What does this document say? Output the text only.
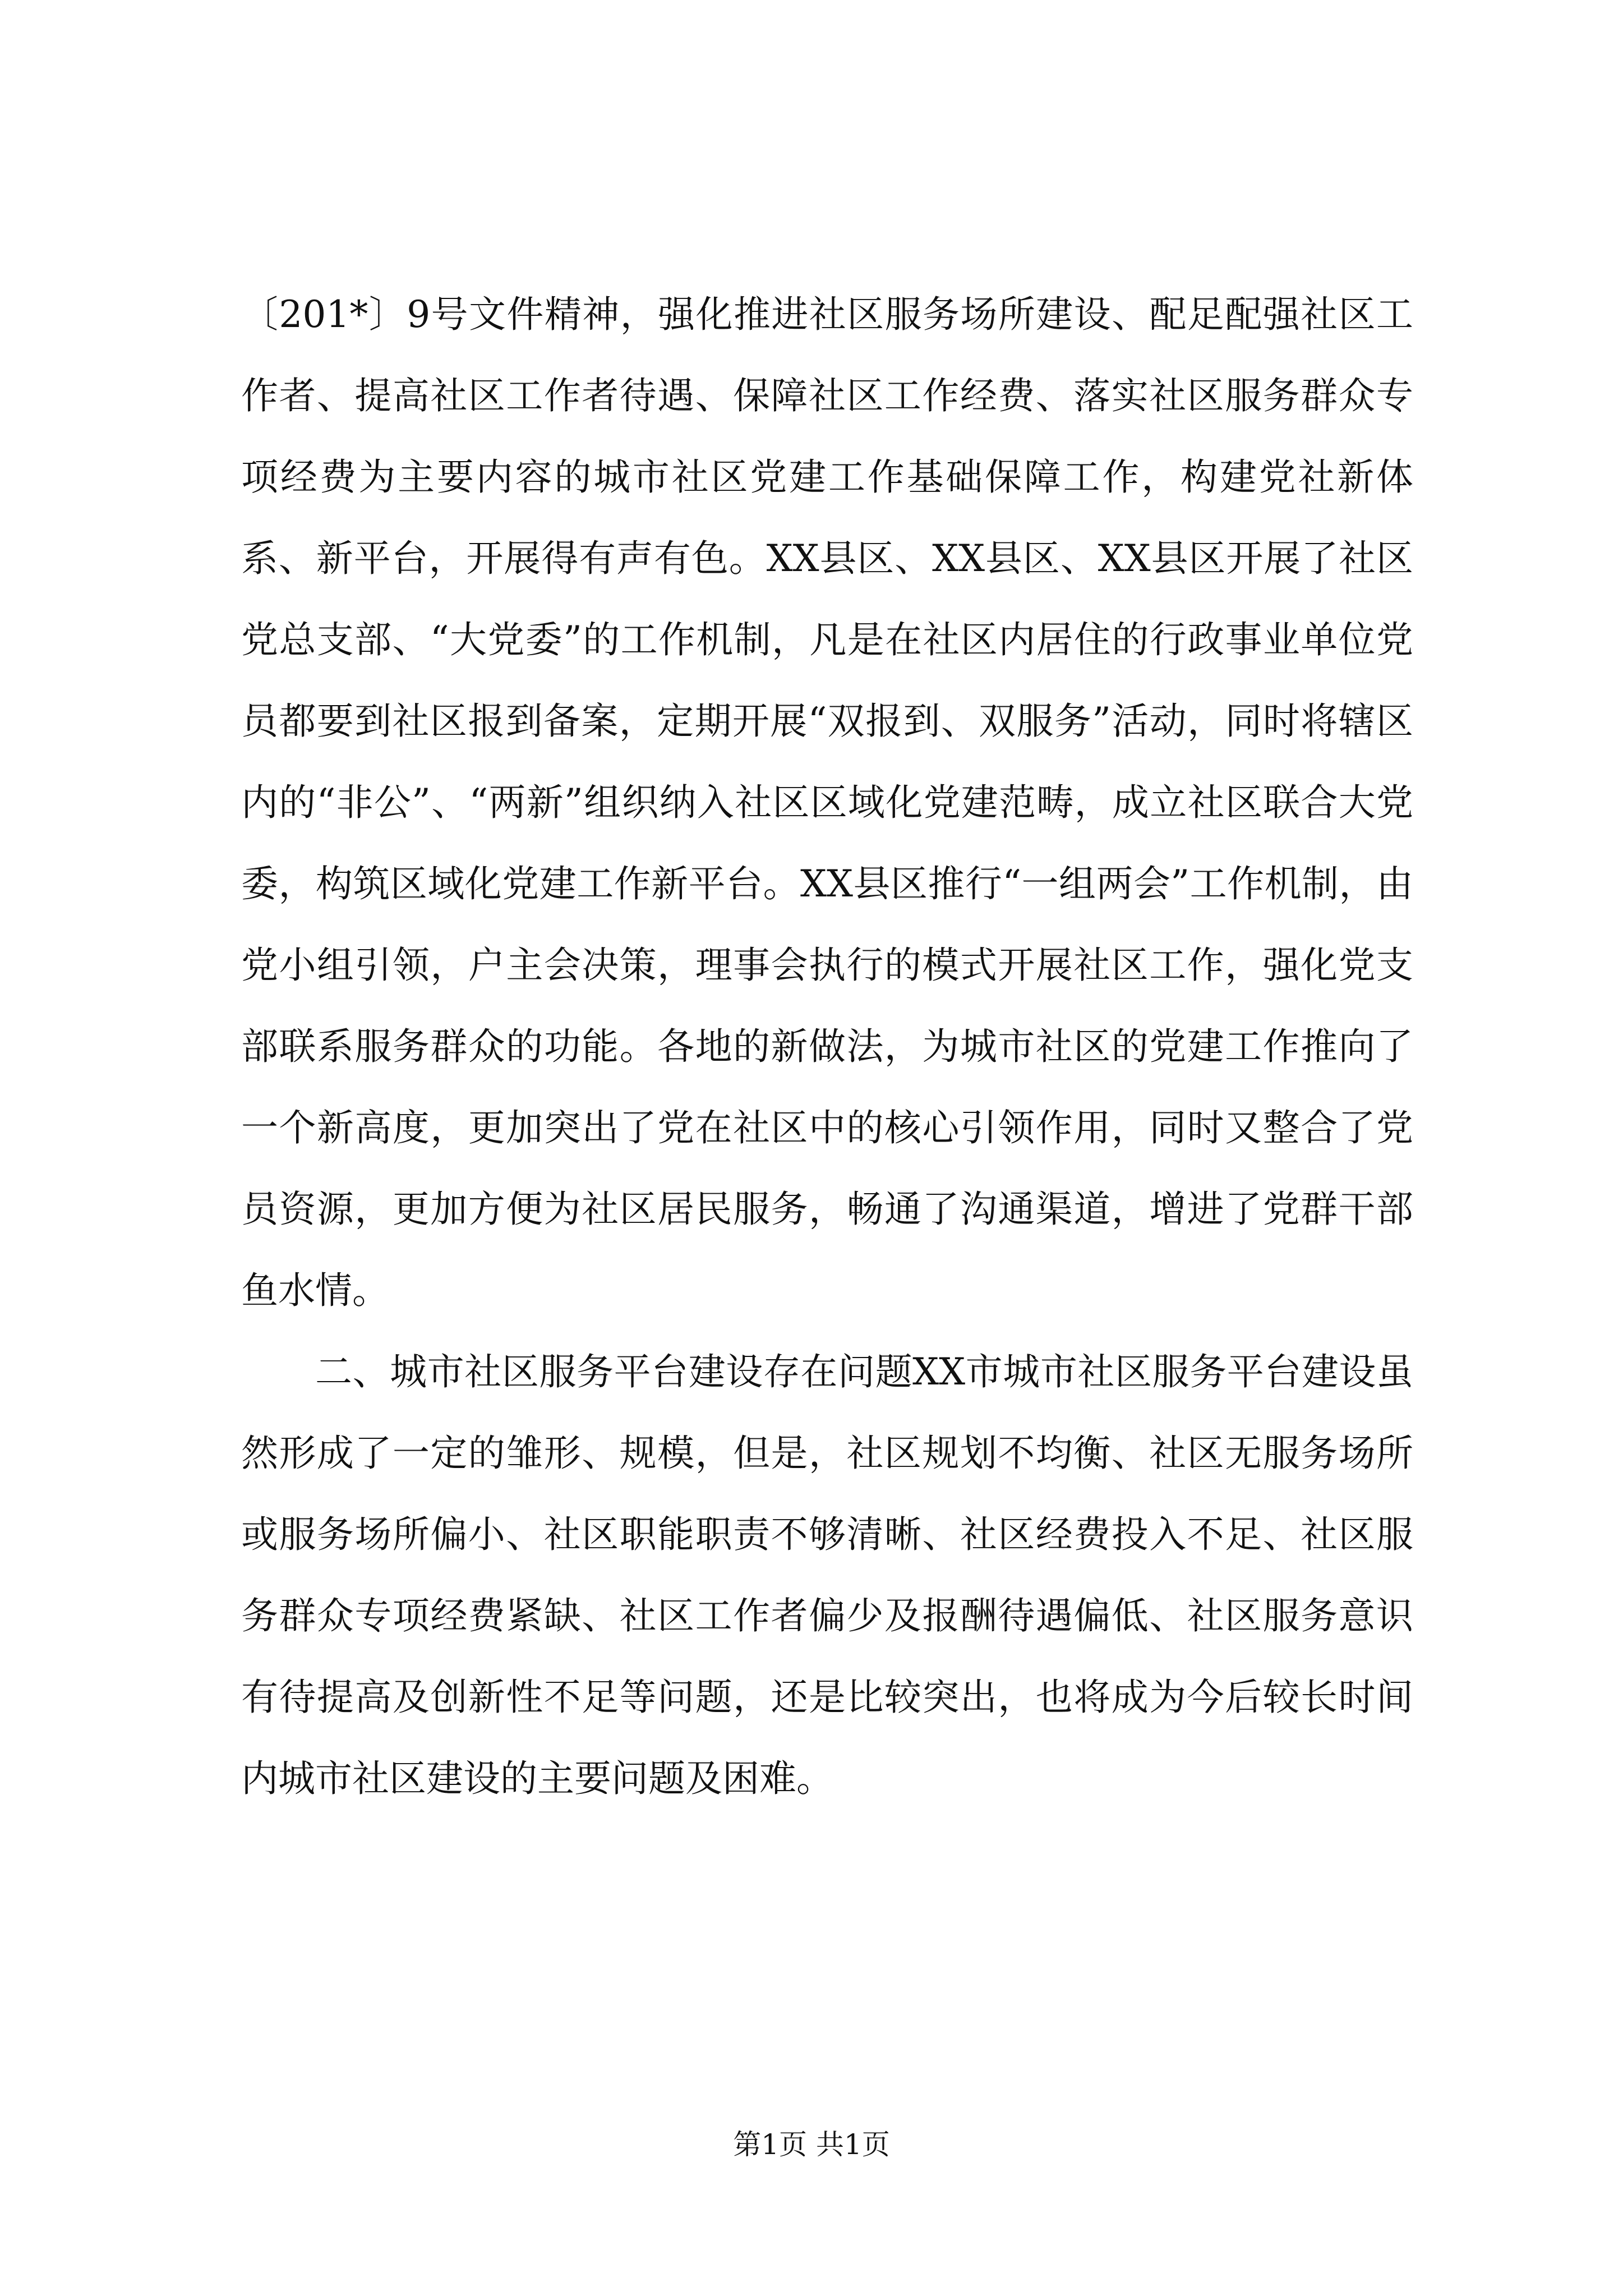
〔201*〕9号文件精神，强化推进社区服务场所建设、配足配强社区工作者、提高社区工作者待遇、保障社区工作经费、落实社区服务群众专项经费为主要内容的城市社区党建工作基础保障工作，构建党社新体系、新平台，开展得有声有色。XX县区、XX县区、XX县区开展了社区党总支部、“大党委”的工作机制，凡是在社区内居住的行政事业单位党员都要到社区报到备案，定期开展“双报到、双服务”活动，同时将辖区内的“非公”、“两新”组织纳入社区区域化党建范畴，成立社区联合大党委，构筑区域化党建工作新平台。XX县区推行“一组两会”工作机制，由党小组引领，户主会决策，理事会执行的模式开展社区工作，强化党支部联系服务群众的功能。各地的新做法，为城市社区的党建工作推向了一个新高度，更加突出了党在社区中的核心引领作用，同时又整合了党员资源，更加方便为社区居民服务，畅通了沟通渠道，增进了党群干部鱼水情。

二、城市社区服务平台建设存在问题XX市城市社区服务平台建设虽然形成了一定的雏形、规模，但是，社区规划不均衡、社区无服务场所或服务场所偏小、社区职能职责不够清晰、社区经费投入不足、社区服务群众专项经费紧缺、社区工作者偏少及报酬待遇偏低、社区服务意识有待提高及创新性不足等问题，还是比较突出，也将成为今后较长时间内城市社区建设的主要问题及困难。

第1页 共1页
